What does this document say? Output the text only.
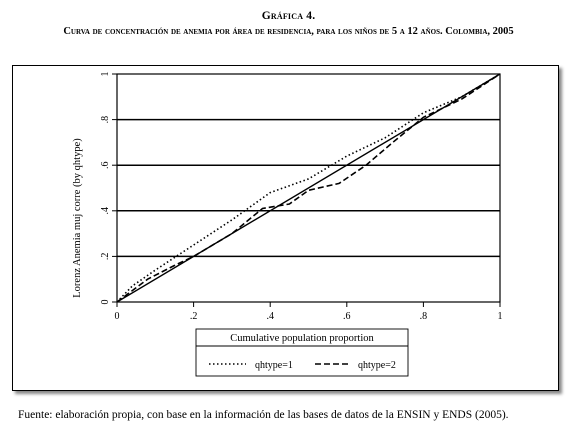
Gráfica 4.
Curva de concentración de anemia por área de residencia, para los niños de 5 a 12 años. Colombia, 2005
0
.2
.4
.6
.8
1
0	.2	.4	.6	.8	1
Lorenz Anemia muj corre (by qhtype)
Cumulative population proportion
qhtype=1	qhtype=2
Fuente: elaboración propia, con base en la información de las bases de datos de la ENSIN y ENDS (2005).
